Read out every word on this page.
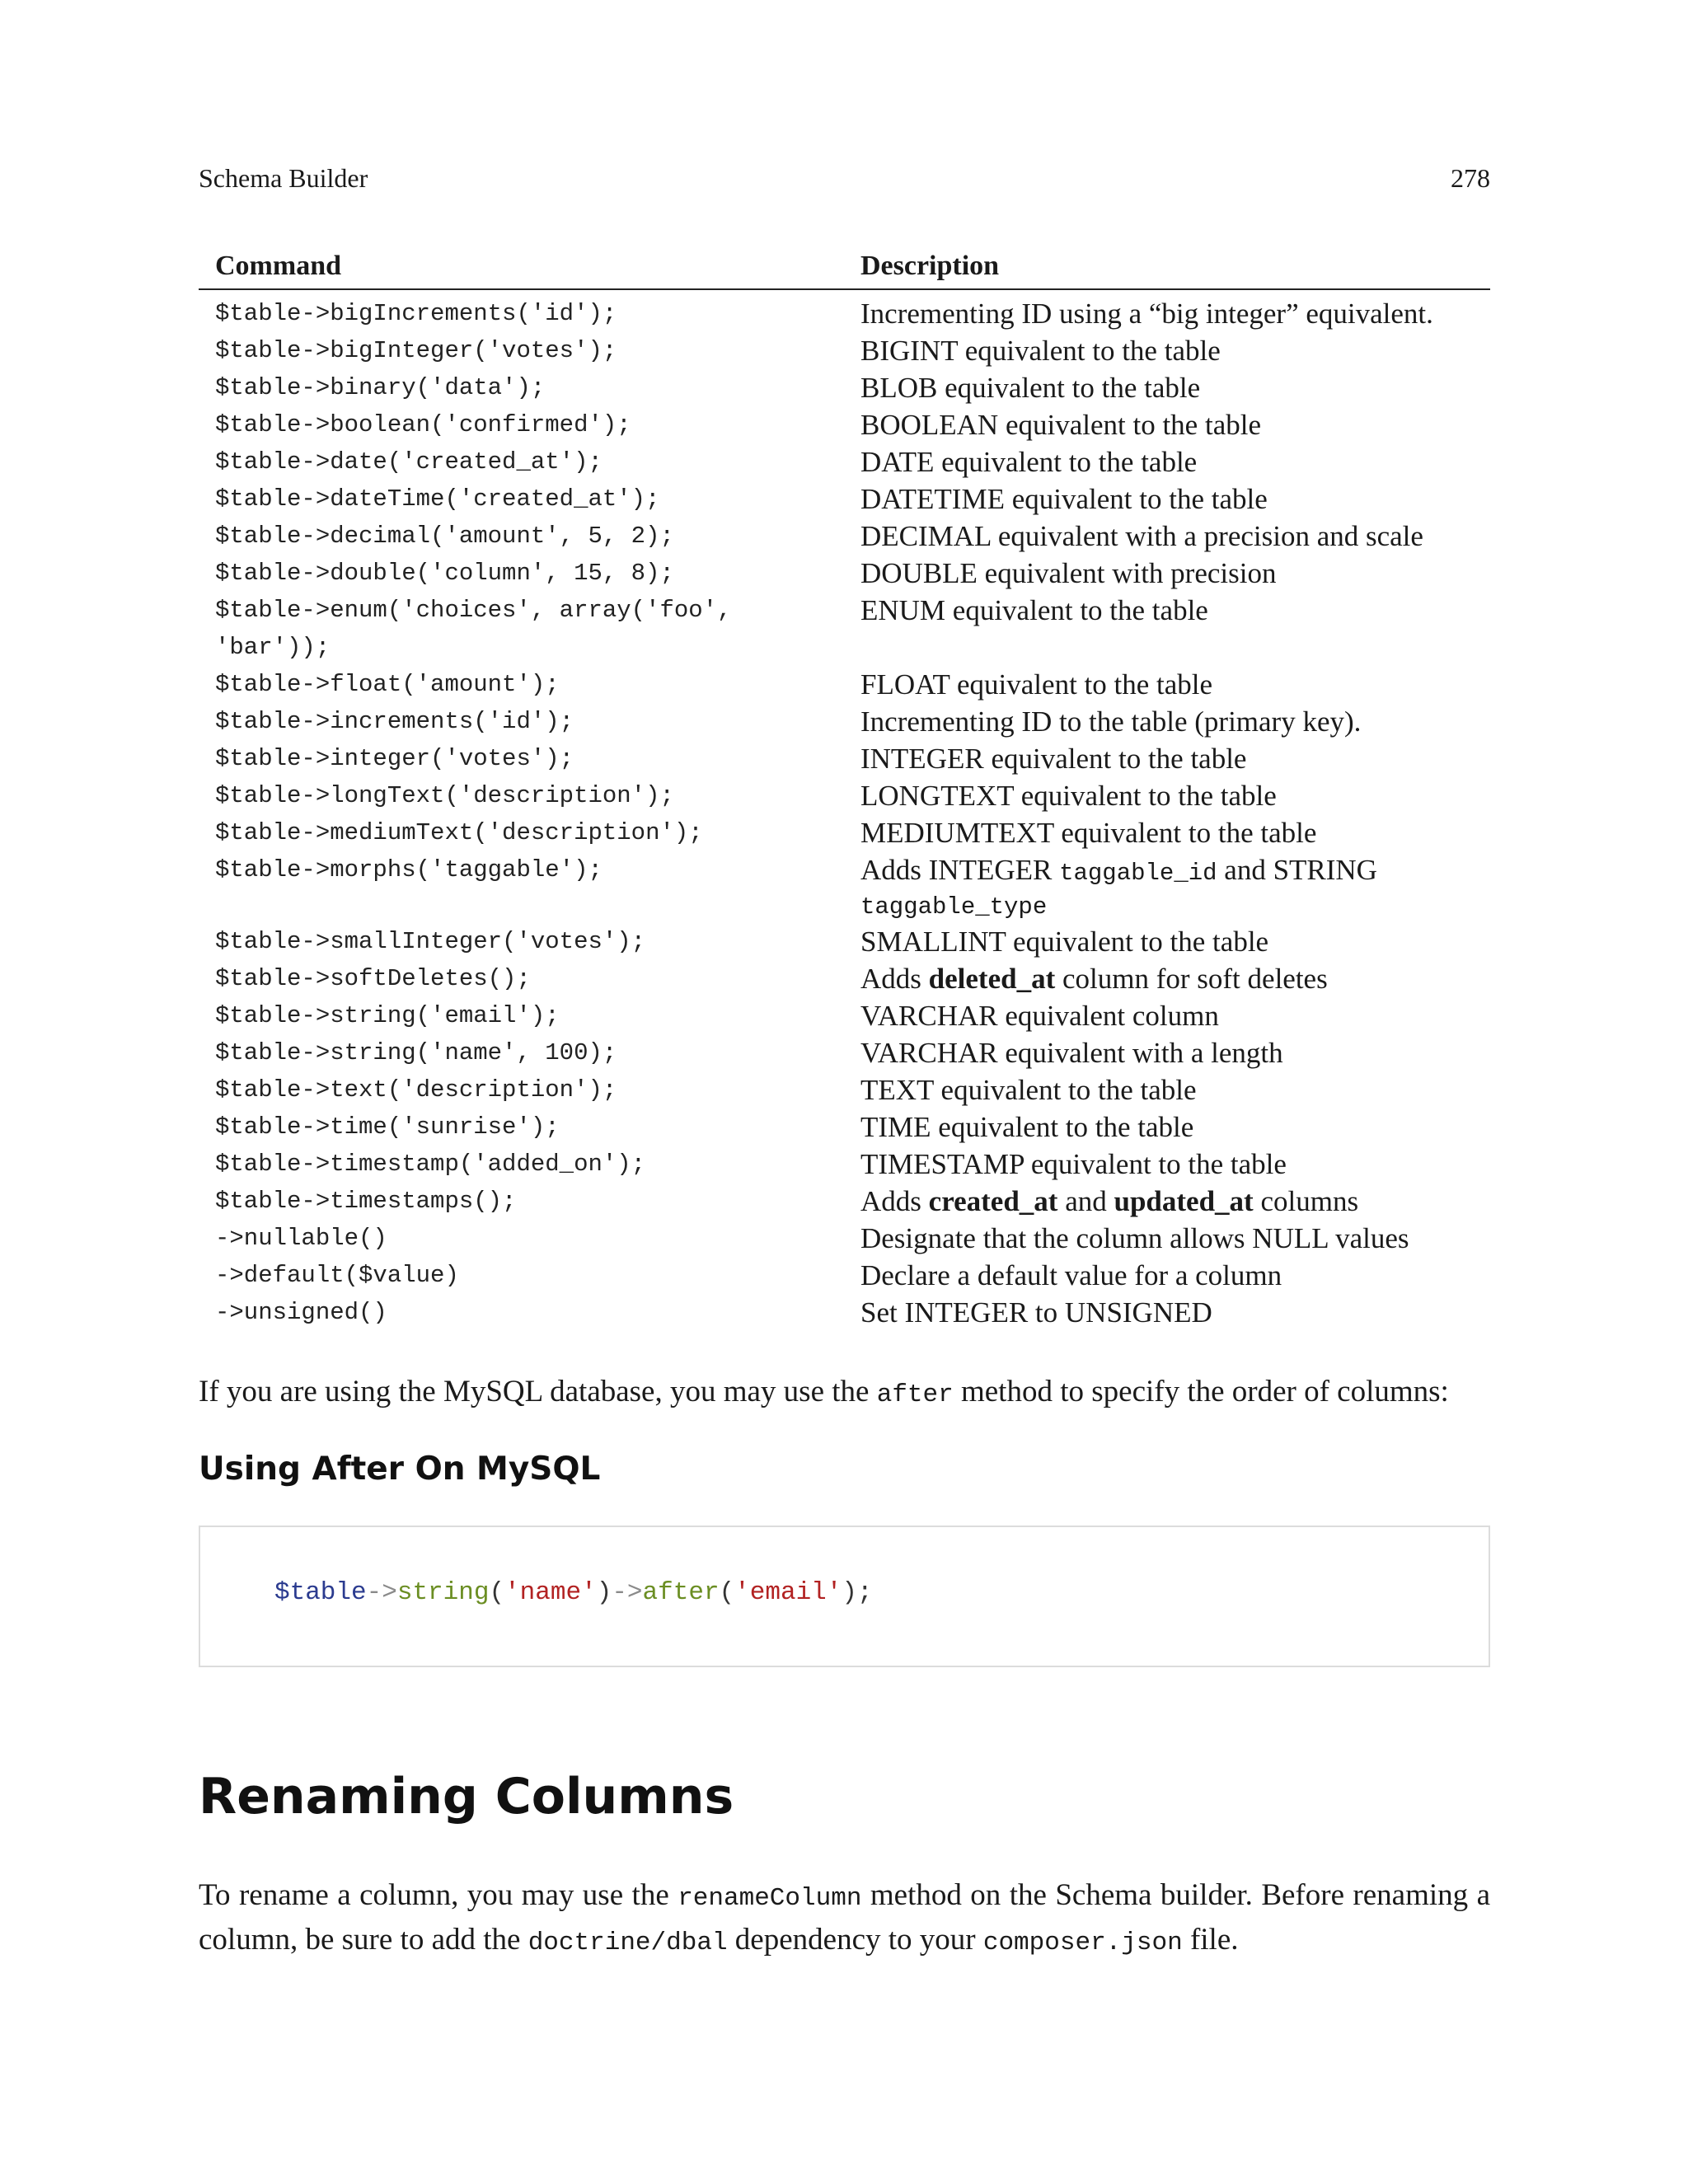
Schema Builder	278
Command	Description
$table->bigIncrements('id');	Incrementing ID using a “big integer” equivalent.
$table->bigInteger('votes');	BIGINT equivalent to the table
$table->binary('data');	BLOB equivalent to the table
$table->boolean('confirmed');	BOOLEAN equivalent to the table
$table->date('created_at');	DATE equivalent to the table
$table->dateTime('created_at');	DATETIME equivalent to the table
$table->decimal('amount', 5, 2);	DECIMAL equivalent with a precision and scale
$table->double('column', 15, 8);	DOUBLE equivalent with precision
$table->enum('choices', array('foo', 'bar'));	ENUM equivalent to the table
$table->float('amount');	FLOAT equivalent to the table
$table->increments('id');	Incrementing ID to the table (primary key).
$table->integer('votes');	INTEGER equivalent to the table
$table->longText('description');	LONGTEXT equivalent to the table
$table->mediumText('description');	MEDIUMTEXT equivalent to the table
$table->morphs('taggable');	Adds INTEGER taggable_id and STRING
taggable_type

$table->smallInteger('votes');	SMALLINT equivalent to the table
$table->softDeletes();	Adds deleted_at column for soft deletes
$table->string('email');	VARCHAR equivalent column
$table->string('name', 100);	VARCHAR equivalent with a length
$table->text('description');	TEXT equivalent to the table
$table->time('sunrise');	TIME equivalent to the table
$table->timestamp('added_on');	TIMESTAMP equivalent to the table
$table->timestamps();	Adds created_at and updated_at columns
->nullable()	Designate that the column allows NULL values
->default($value)	Declare a default value for a column
->unsigned()	Set INTEGER to UNSIGNED

If you are using the MySQL database, you may use the after method to specify the order of columns:

Using After On MySQL
$table->string('name')->after('email');
Renaming Columns

To rename a column, you may use the renameColumn method on the Schema builder. Before renaming a column, be sure to add the doctrine/dbal dependency to your composer.json file.
